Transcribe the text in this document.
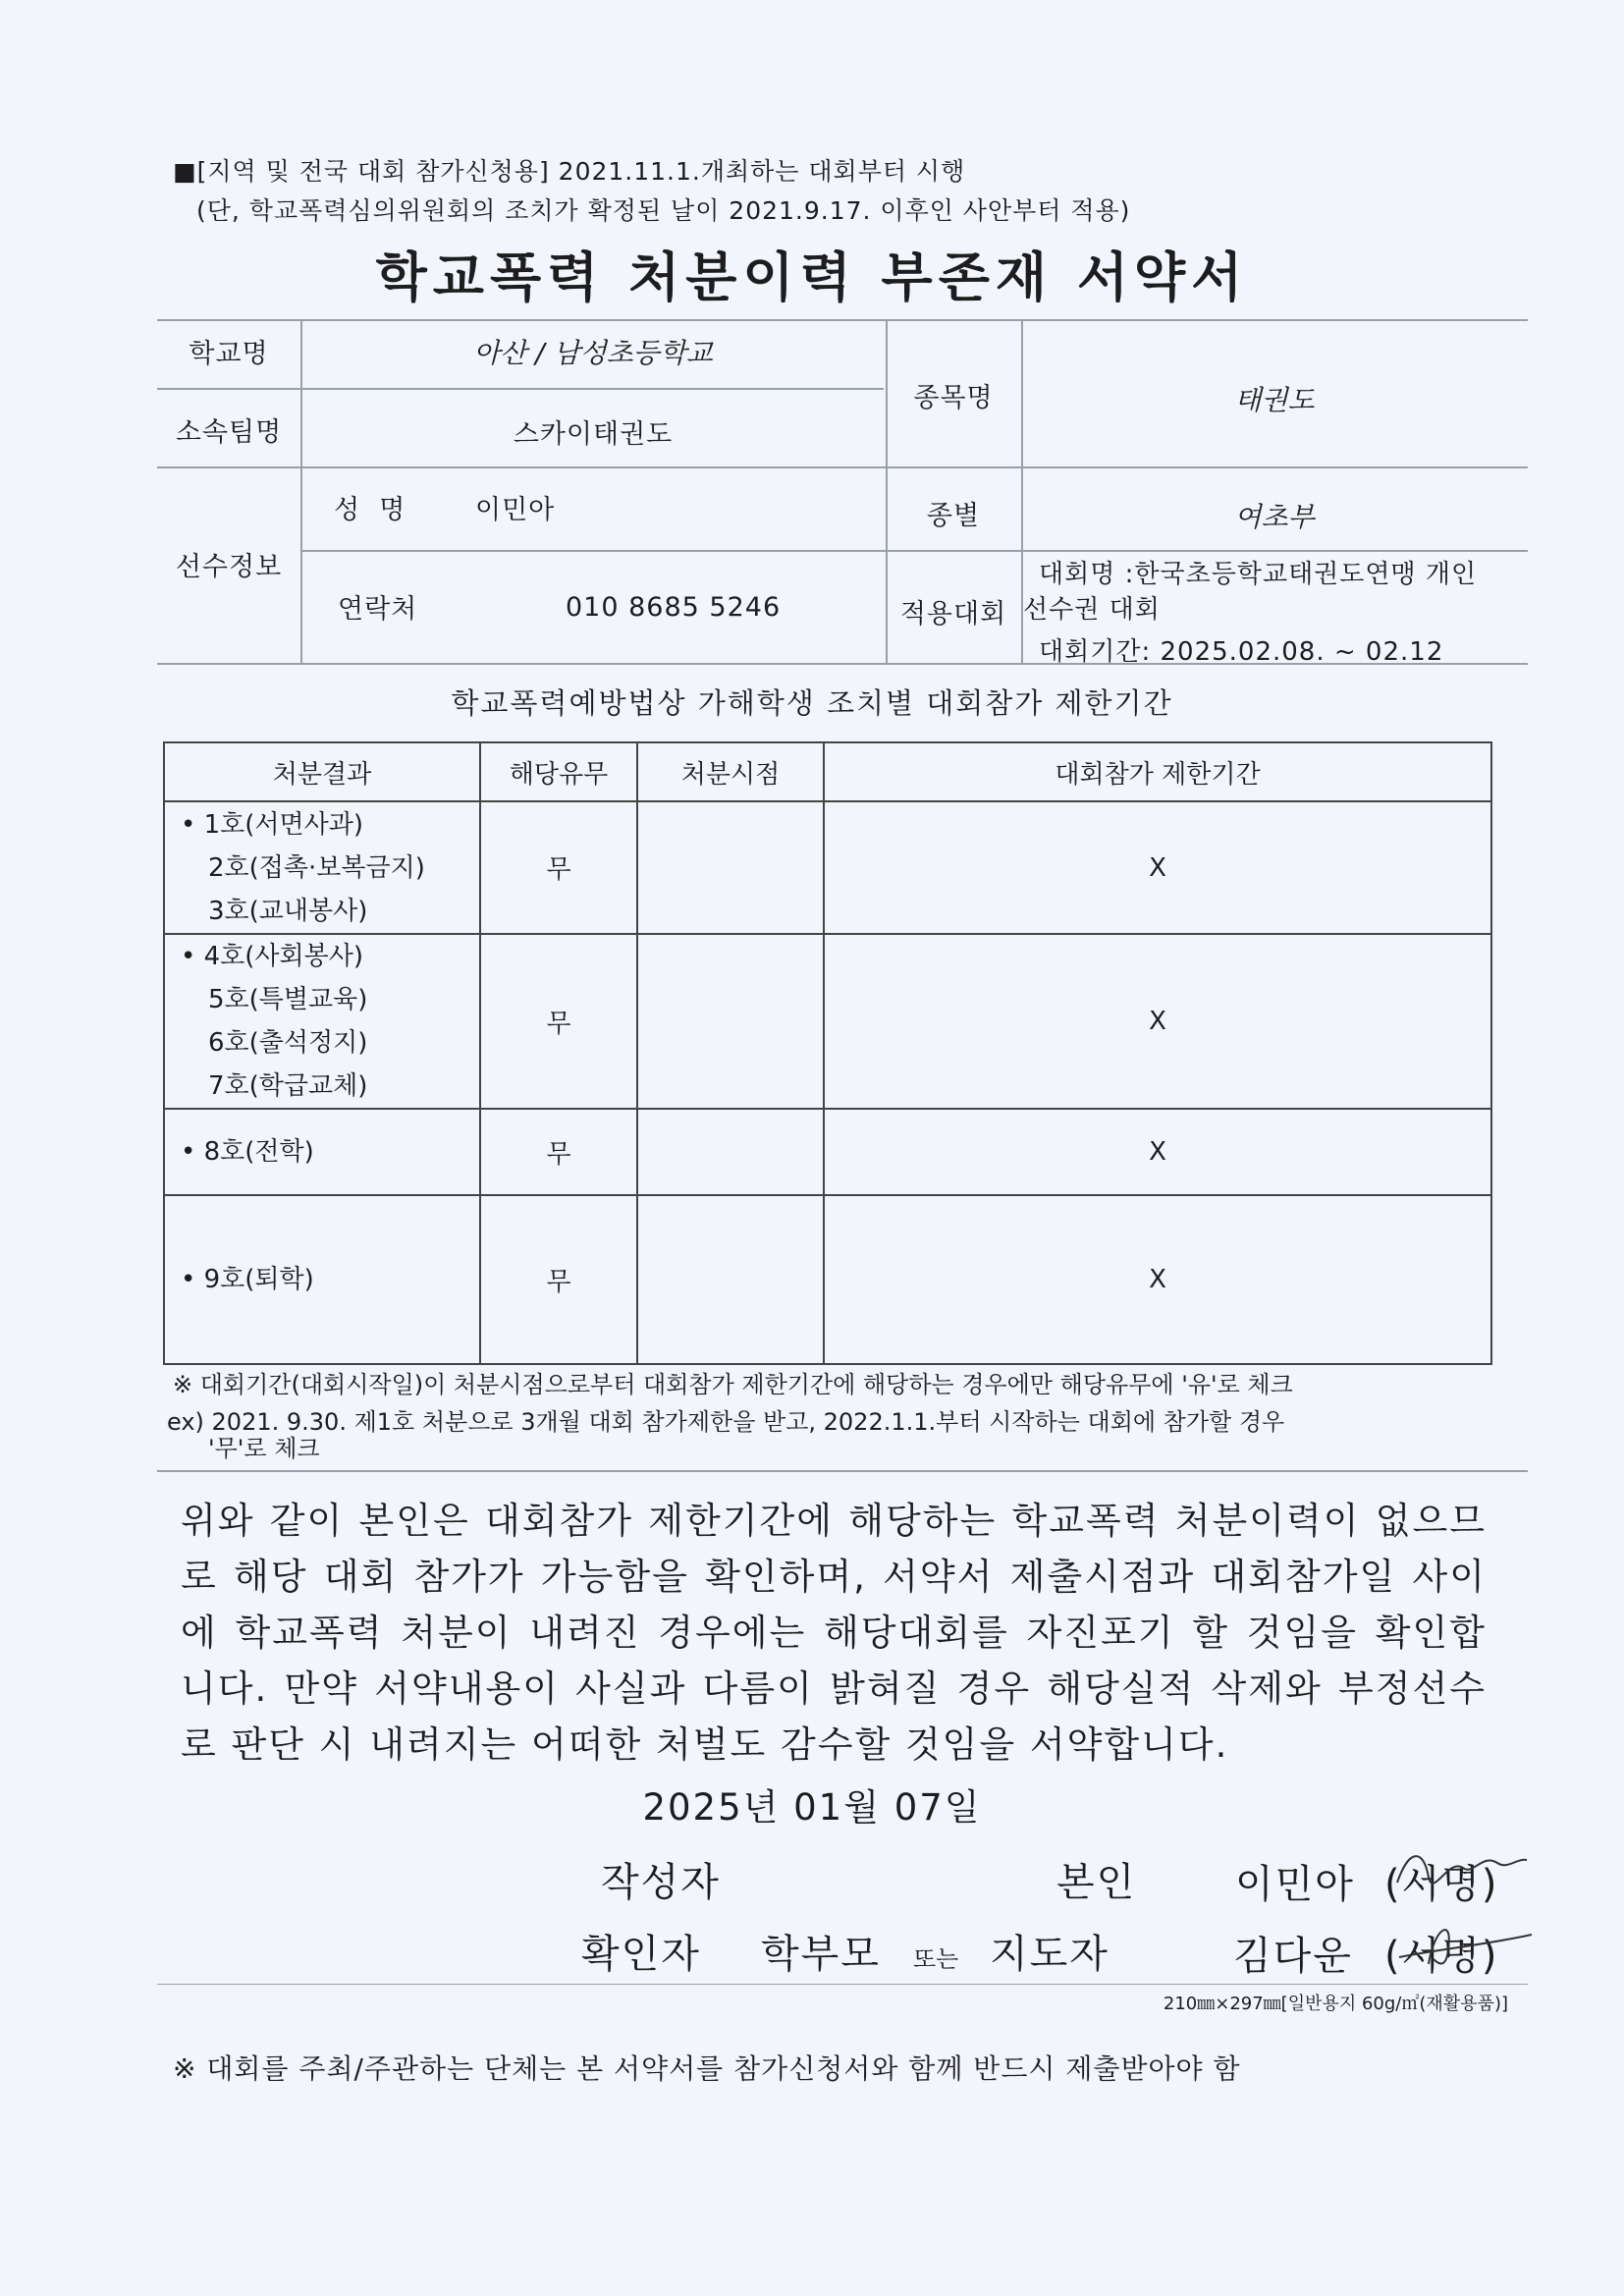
■[지역 및 전국 대회 참가신청용] 2021.11.1.개최하는 대회부터 시행
(단, 학교폭력심의위원회의 조치가 확정된 날이 2021.9.17. 이후인 사안부터 적용)
학교폭력 처분이력 부존재 서약서
학교명	아산 / 남성초등학교
소속팀명	스카이태권도
종목명	태권도
선수정보
성  명	이민아	종별	여초부
연락처	010 8685 5246	적용대회
대회명 :한국초등학교태권도연맹 개인
선수권 대회
대회기간: 2025.02.08. ~ 02.12
학교폭력예방법상 가해학생 조치별 대회참가 제한기간
처분결과	해당유무	처분시점	대회참가 제한기간

• 1호(서면사과)
2호(접촉·보복금지)
3호(교내봉사)	무		X

• 4호(사회봉사)
5호(특별교육)
6호(출석정지)
7호(학급교체)	무		X

• 8호(전학)	무		X

• 9호(퇴학)	무		X
※ 대회기간(대회시작일)이 처분시점으로부터 대회참가 제한기간에 해당하는 경우에만 해당유무에 '유'로 체크
ex) 2021. 9.30. 제1호 처분으로 3개월 대회 참가제한을 받고, 2022.1.1.부터 시작하는 대회에 참가할 경우
'무'로 체크
위와 같이 본인은 대회참가 제한기간에 해당하는 학교폭력 처분이력이 없으므로 해당 대회 참가가 가능함을 확인하며, 서약서 제출시점과 대회참가일 사이에 학교폭력 처분이 내려진 경우에는 해당대회를 자진포기 할 것임을 확인합니다. 만약 서약내용이 사실과 다름이 밝혀질 경우 해당실적 삭제와 부정선수로 판단 시 내려지는 어떠한 처벌도 감수할 것임을 서약합니다.
2025년 01월 07일
작성자	본인	이민아 (서명)
확인자 학부모 또는 지도자	김다운 (서명)
210㎜×297㎜[일반용지 60g/㎡(재활용품)]
※ 대회를 주최/주관하는 단체는 본 서약서를 참가신청서와 함께 반드시 제출받아야 함
